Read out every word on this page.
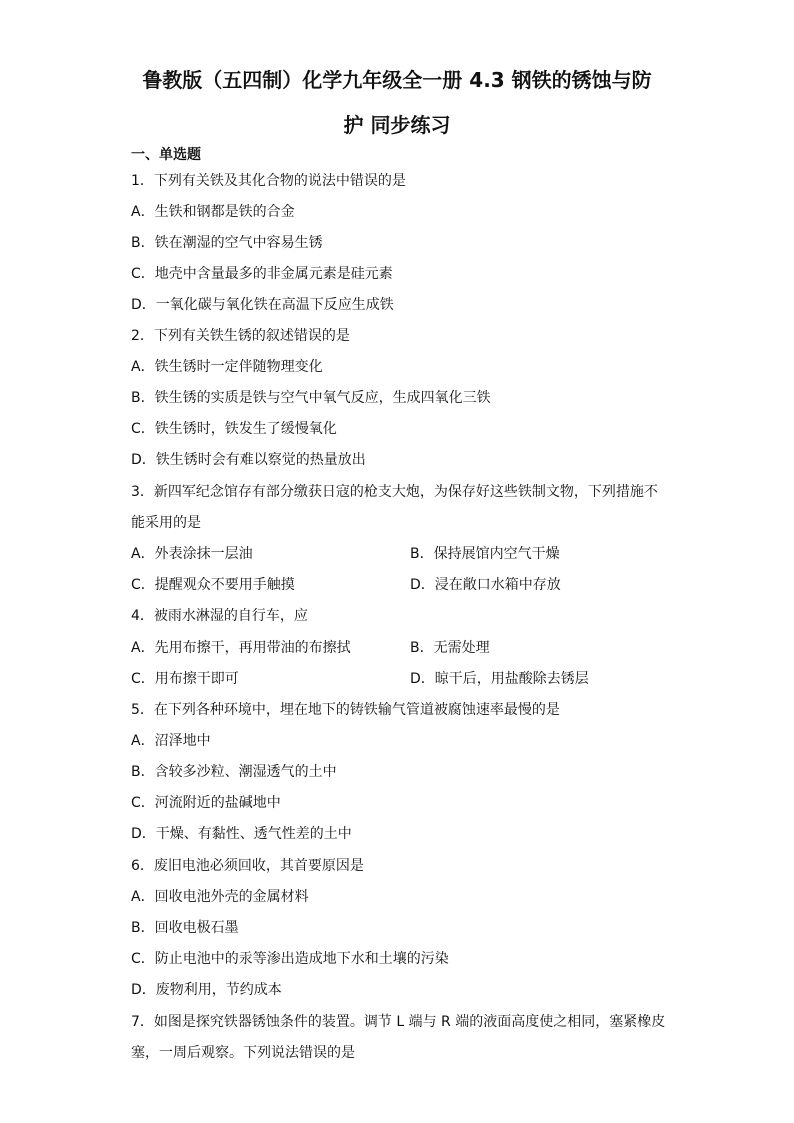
鲁教版（五四制）化学九年级全一册 4.3 钢铁的锈蚀与防
护 同步练习
一、单选题
1．下列有关铁及其化合物的说法中错误的是
A．生铁和钢都是铁的合金
B．铁在潮湿的空气中容易生锈
C．地壳中含量最多的非金属元素是硅元素
D．一氧化碳与氧化铁在高温下反应生成铁
2．下列有关铁生锈的叙述错误的是
A．铁生锈时一定伴随物理变化
B．铁生锈的实质是铁与空气中氧气反应，生成四氧化三铁
C．铁生锈时，铁发生了缓慢氧化
D．铁生锈时会有难以察觉的热量放出
3．新四军纪念馆存有部分缴获日寇的枪支大炮，为保存好这些铁制文物，下列措施不
能采用的是
A．外表涂抹一层油	B．保持展馆内空气干燥
C．提醒观众不要用手触摸	D．浸在敞口水箱中存放
4．被雨水淋湿的自行车，应
A．先用布擦干，再用带油的布擦拭	B．无需处理
C．用布擦干即可	D．晾干后，用盐酸除去锈层
5．在下列各种环境中，埋在地下的铸铁输气管道被腐蚀速率最慢的是
A．沼泽地中
B．含较多沙粒、潮湿透气的土中
C．河流附近的盐碱地中
D．干燥、有黏性、透气性差的土中
6．废旧电池必须回收，其首要原因是
A．回收电池外壳的金属材料
B．回收电极石墨
C．防止电池中的汞等渗出造成地下水和土壤的污染
D．废物利用，节约成本
7．如图是探究铁器锈蚀条件的装置。调节 L 端与 R 端的液面高度使之相同，塞紧橡皮
塞，一周后观察。下列说法错误的是
